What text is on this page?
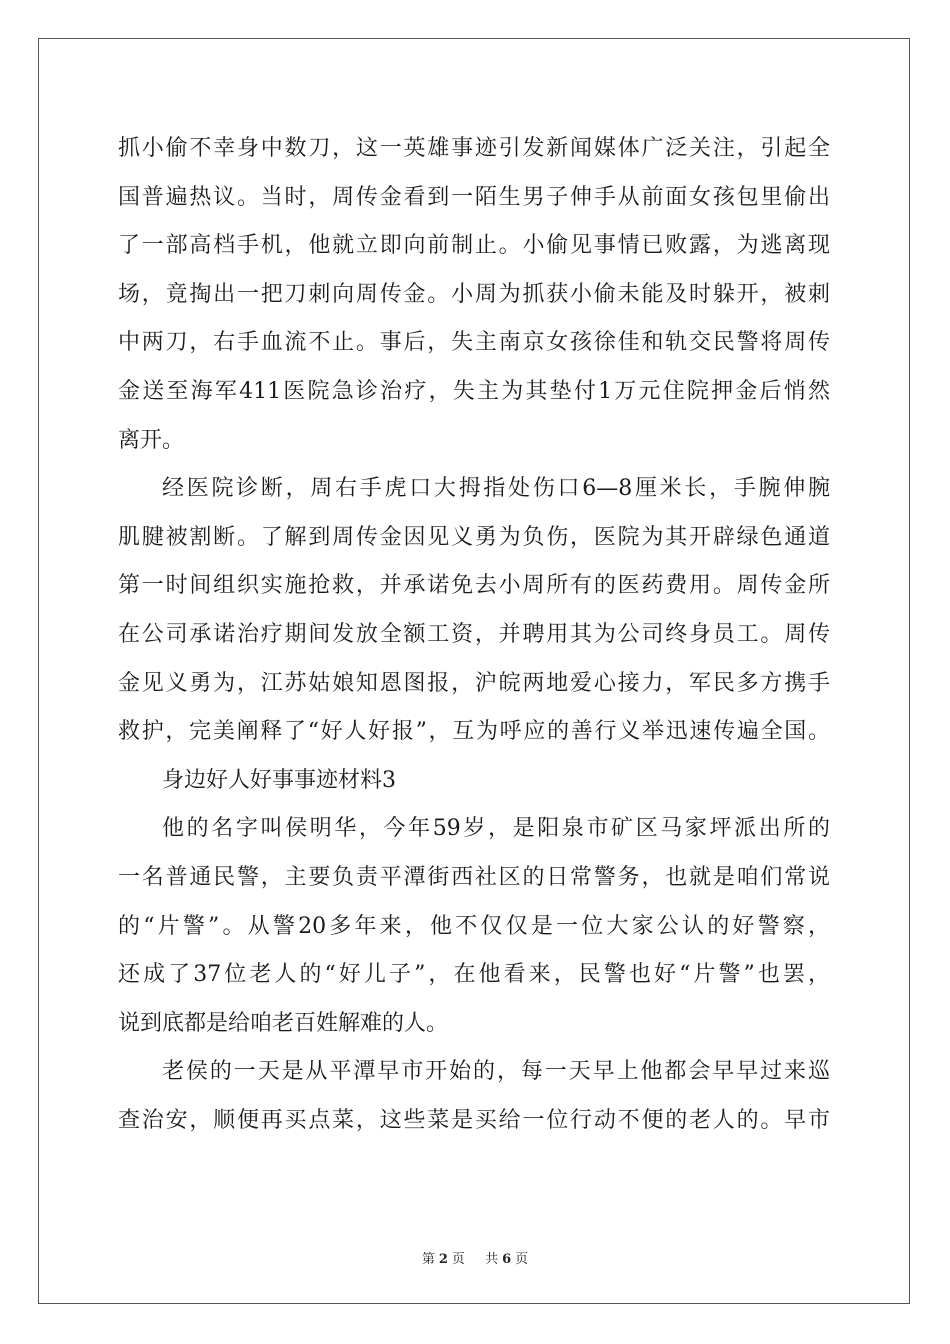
抓小偷不幸身中数刀，这一英雄事迹引发新闻媒体广泛关注，引起全
国普遍热议。当时，周传金看到一陌生男子伸手从前面女孩包里偷出
了一部高档手机，他就立即向前制止。小偷见事情已败露，为逃离现
场，竟掏出一把刀刺向周传金。小周为抓获小偷未能及时躲开，被刺
中两刀，右手血流不止。事后，失主南京女孩徐佳和轨交民警将周传
金送至海军411医院急诊治疗，失主为其垫付1万元住院押金后悄然
离开。
经医院诊断，周右手虎口大拇指处伤口6—8厘米长，手腕伸腕
肌腱被割断。了解到周传金因见义勇为负伤，医院为其开辟绿色通道
第一时间组织实施抢救，并承诺免去小周所有的医药费用。周传金所
在公司承诺治疗期间发放全额工资，并聘用其为公司终身员工。周传
金见义勇为，江苏姑娘知恩图报，沪皖两地爱心接力，军民多方携手
救护，完美阐释了“好人好报”，互为呼应的善行义举迅速传遍全国。
身边好人好事事迹材料3
他的名字叫侯明华，今年59岁，是阳泉市矿区马家坪派出所的
一名普通民警，主要负责平潭街西社区的日常警务，也就是咱们常说
的“片警”。从警20多年来，他不仅仅是一位大家公认的好警察，
还成了37位老人的“好儿子”，在他看来，民警也好“片警”也罢，
说到底都是给咱老百姓解难的人。
老侯的一天是从平潭早市开始的，每一天早上他都会早早过来巡
查治安，顺便再买点菜，这些菜是买给一位行动不便的老人的。早市
第 2 页 共 6 页
